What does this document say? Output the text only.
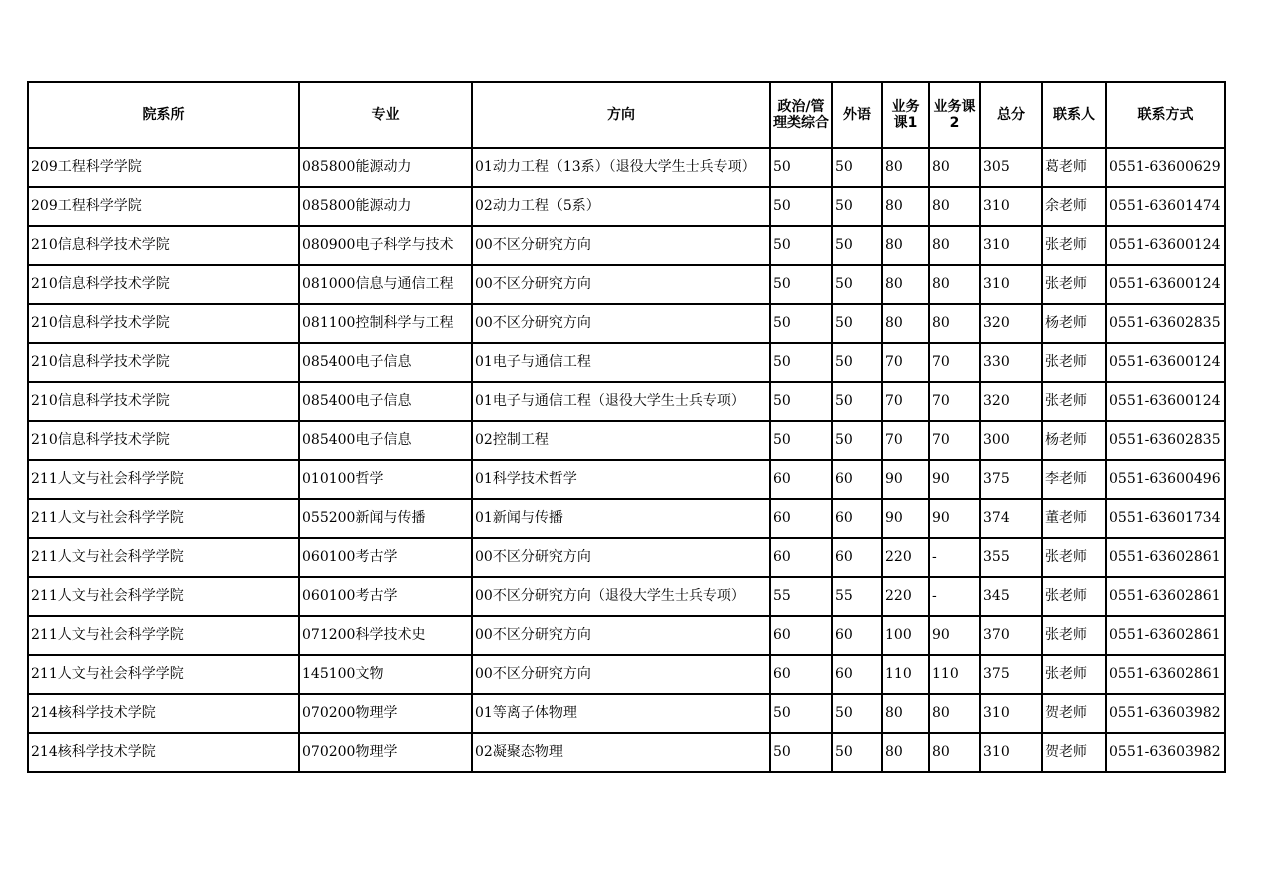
院系所	专业	方向	政治/管理类综合	外语	业务课1	业务课2	总分	联系人	联系方式
209工程科学学院	085800能源动力	01动力工程（13系）（退役大学生士兵专项）	50	50	80	80	305	葛老师	0551-63600629
209工程科学学院	085800能源动力	02动力工程（5系）	50	50	80	80	310	余老师	0551-63601474
210信息科学技术学院	080900电子科学与技术	00不区分研究方向	50	50	80	80	310	张老师	0551-63600124
210信息科学技术学院	081000信息与通信工程	00不区分研究方向	50	50	80	80	310	张老师	0551-63600124
210信息科学技术学院	081100控制科学与工程	00不区分研究方向	50	50	80	80	320	杨老师	0551-63602835
210信息科学技术学院	085400电子信息	01电子与通信工程	50	50	70	70	330	张老师	0551-63600124
210信息科学技术学院	085400电子信息	01电子与通信工程（退役大学生士兵专项）	50	50	70	70	320	张老师	0551-63600124
210信息科学技术学院	085400电子信息	02控制工程	50	50	70	70	300	杨老师	0551-63602835
211人文与社会科学学院	010100哲学	01科学技术哲学	60	60	90	90	375	李老师	0551-63600496
211人文与社会科学学院	055200新闻与传播	01新闻与传播	60	60	90	90	374	董老师	0551-63601734
211人文与社会科学学院	060100考古学	00不区分研究方向	60	60	220	-	355	张老师	0551-63602861
211人文与社会科学学院	060100考古学	00不区分研究方向（退役大学生士兵专项）	55	55	220	-	345	张老师	0551-63602861
211人文与社会科学学院	071200科学技术史	00不区分研究方向	60	60	100	90	370	张老师	0551-63602861
211人文与社会科学学院	145100文物	00不区分研究方向	60	60	110	110	375	张老师	0551-63602861
214核科学技术学院	070200物理学	01等离子体物理	50	50	80	80	310	贺老师	0551-63603982
214核科学技术学院	070200物理学	02凝聚态物理	50	50	80	80	310	贺老师	0551-63603982
